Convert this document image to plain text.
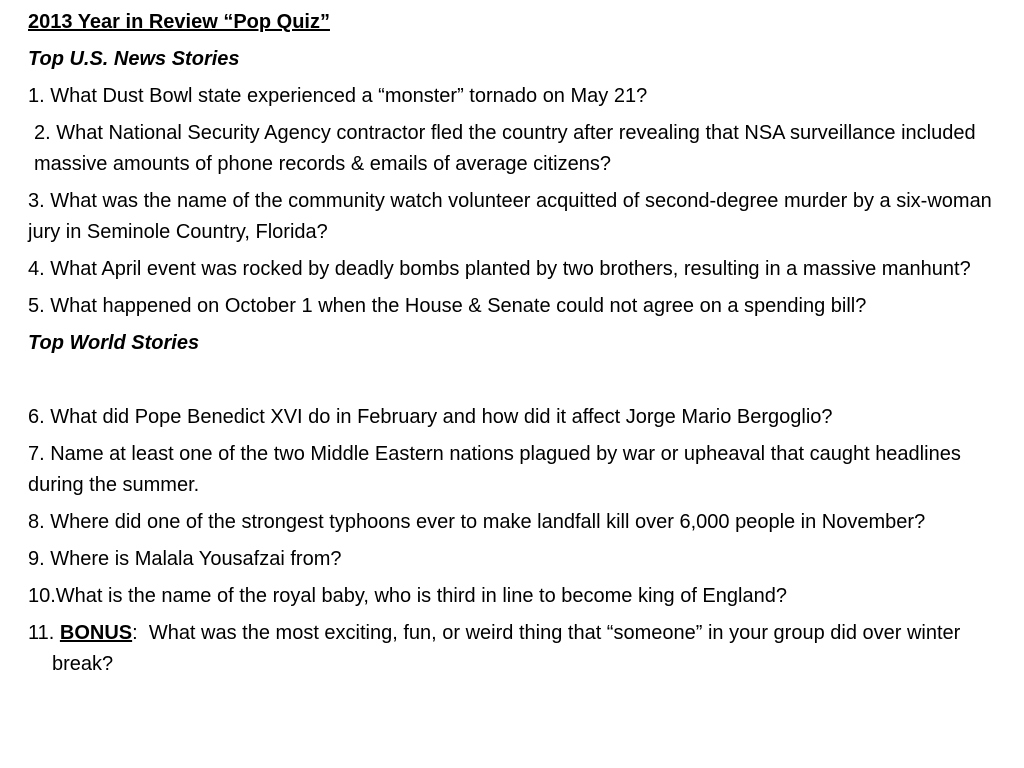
2013 Year in Review “Pop Quiz”
Top U.S. News Stories
1. What Dust Bowl state experienced a “monster” tornado on May 21?
2. What National Security Agency contractor fled the country after revealing that NSA surveillance included massive amounts of phone records & emails of average citizens?
3. What was the name of the community watch volunteer acquitted of second-degree murder by a six-woman jury in Seminole Country, Florida?
4. What April event was rocked by deadly bombs planted by two brothers, resulting in a massive manhunt?
5. What happened on October 1 when the House & Senate could not agree on a spending bill?
Top World Stories
6. What did Pope Benedict XVI do in February and how did it affect Jorge Mario Bergoglio?
7. Name at least one of the two Middle Eastern nations plagued by war or upheaval that caught headlines during the summer.
8. Where did one of the strongest typhoons ever to make landfall kill over 6,000 people in November?
9. Where is Malala Yousafzai from?
10.What is the name of the royal baby, who is third in line to become king of England?
11. BONUS: What was the most exciting, fun, or weird thing that “someone” in your group did over winter break?
